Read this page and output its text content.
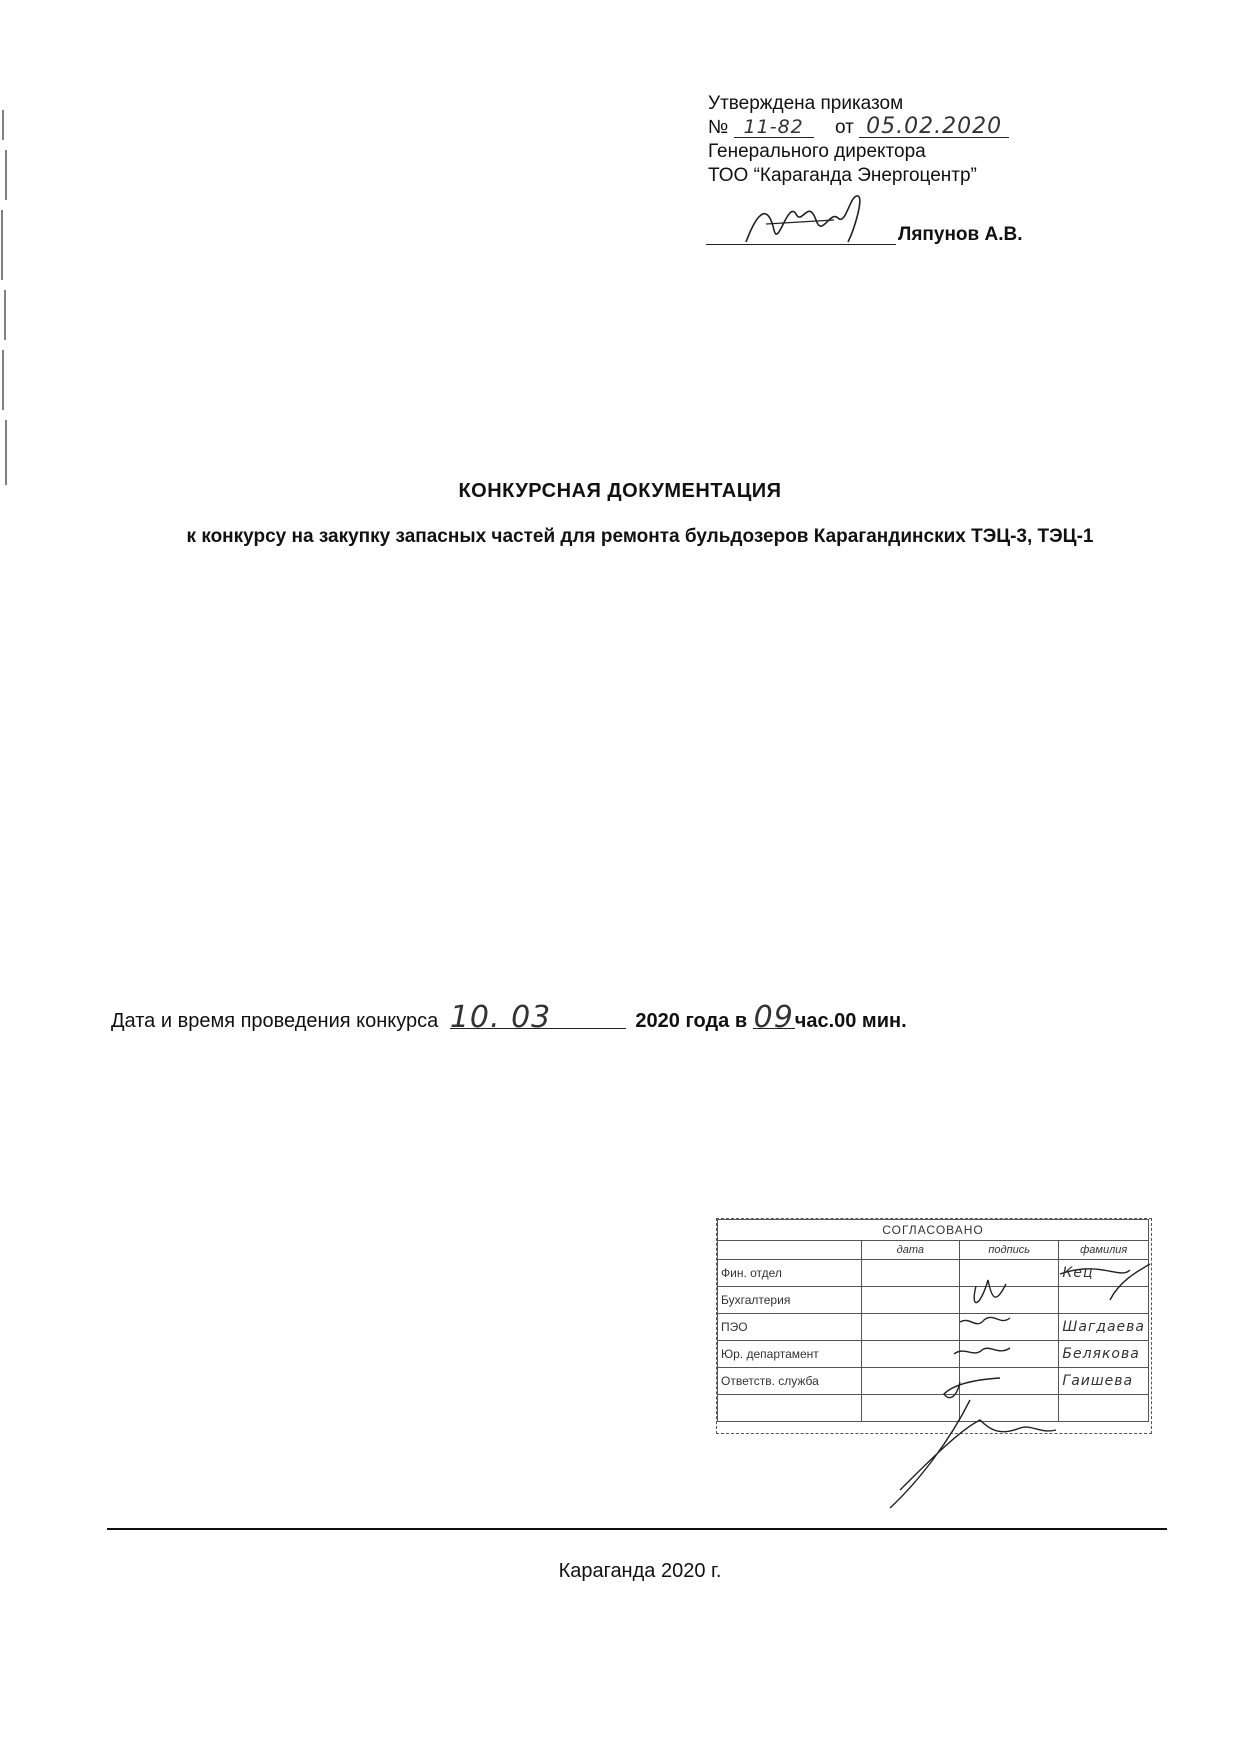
Утверждена приказом
№ 11-82 от 05.02.2020
Генерального директора
ТОО “Караганда Энергоцентр”
Ляпунов А.В.
КОНКУРСНАЯ ДОКУМЕНТАЦИЯ
к конкурсу на закупку запасных частей для ремонта бульдозеров Карагандинских ТЭЦ-3, ТЭЦ-1
Дата и время проведения конкурса 10. 03	2020 года в 09час.00 мин.
СОГЛАСОВАНО			
	дата	подпись	фамилия
Фин. отдел			Кец
Бухгалтерия			
ПЭО			Шагдаева
Юр. департамент			Белякова
Ответств. служба			Гаишева

Караганда 2020 г.
